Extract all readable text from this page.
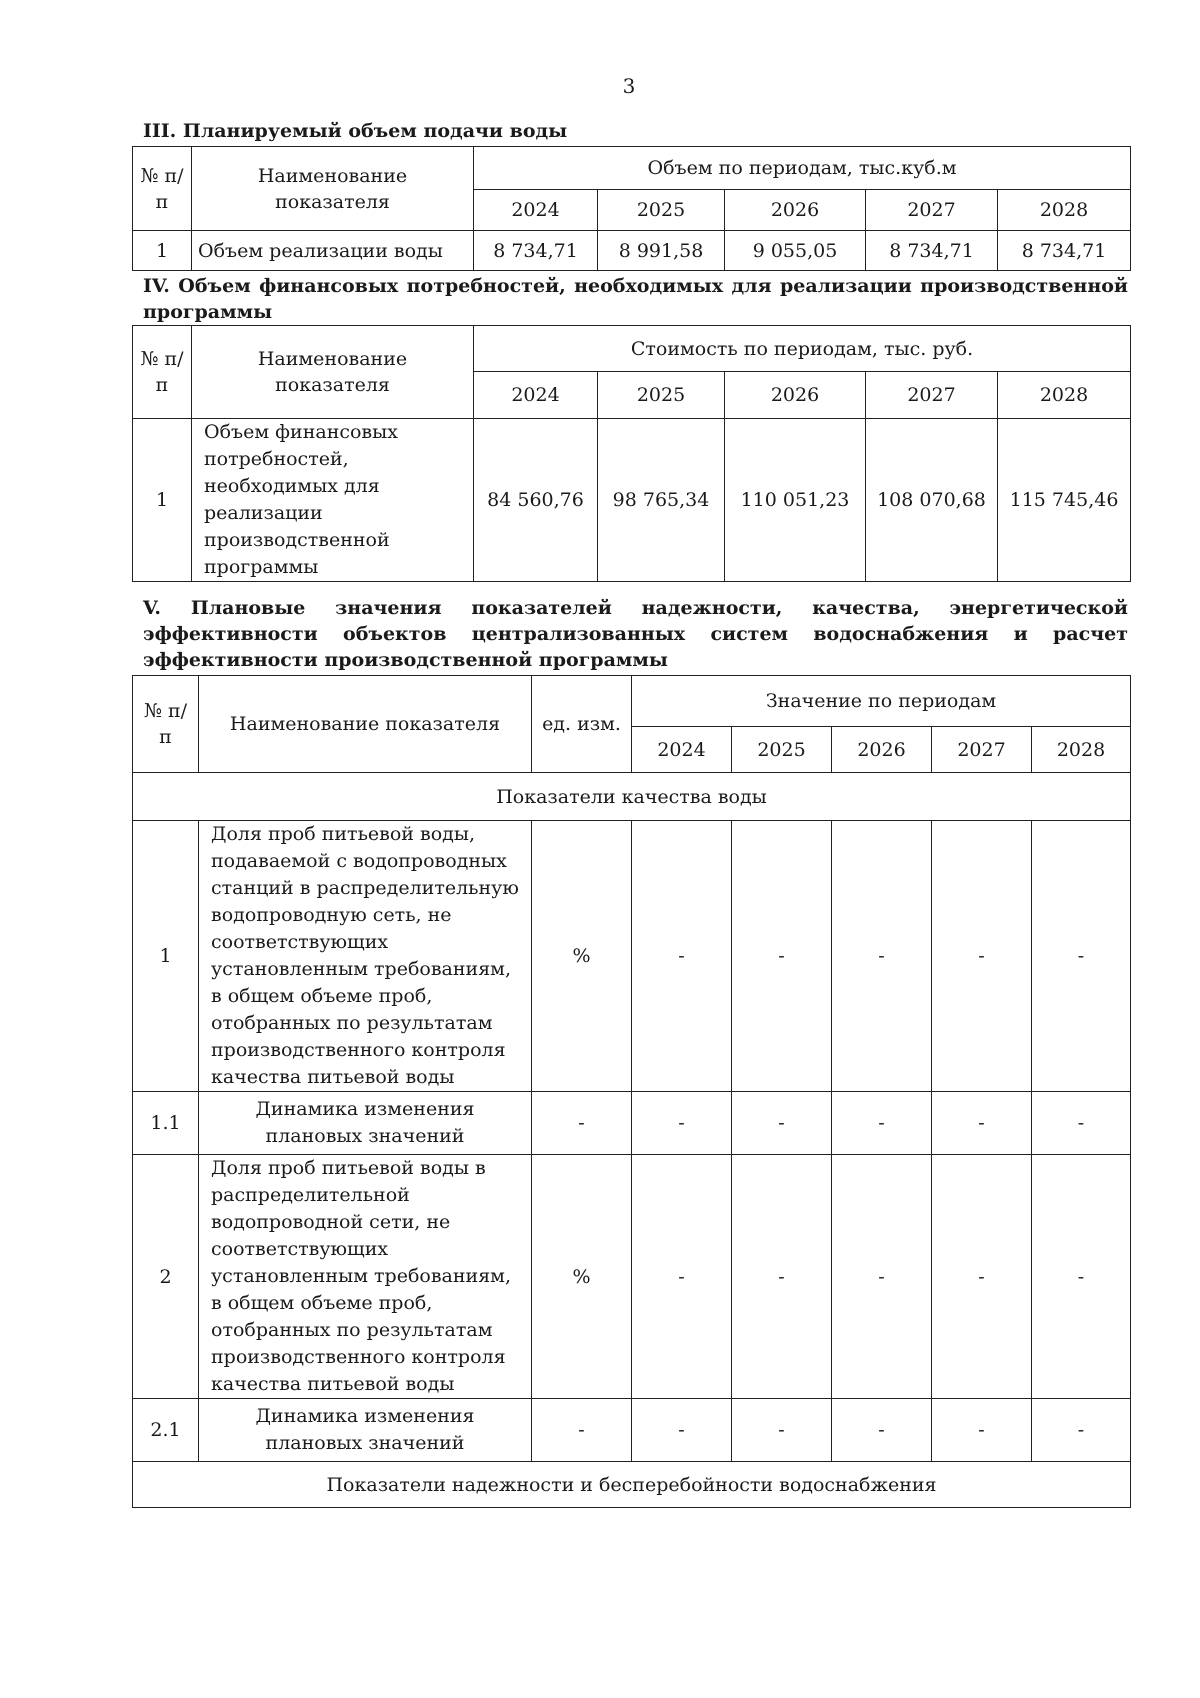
3
III. Планируемый объем подачи воды
№ п/п	Наименование показателя	Объем по периодам, тыс.куб.м				
		2024	2025	2026	2027	2028
1	Объем реализации воды	8 734,71	8 991,58	9 055,05	8 734,71	8 734,71
IV. Объем финансовых потребностей, необходимых для реализации производственной программы
№ п/п	Наименование показателя	Стоимость по периодам, тыс. руб.				
		2024	2025	2026	2027	2028
1	Объем финансовых потребностей, необходимых для реализации производственной программы	84 560,76	98 765,34	110 051,23	108 070,68	115 745,46
V. Плановые значения показателей надежности, качества, энергетической эффективности объектов централизованных систем водоснабжения и расчет эффективности производственной программы
№ п/п	Наименование показателя	ед. изм.	Значение по периодам				
			2024	2025	2026	2027	2028
Показатели качества воды							
1	Доля проб питьевой воды, подаваемой с водопроводных станций в распределительную водопроводную сеть, не соответствующих установленным требованиям, в общем объеме проб, отобранных по результатам производственного контроля качества питьевой воды	%	-	-	-	-	-
1.1	Динамика изменения плановых значений	-	-	-	-	-	-
2	Доля проб питьевой воды в распределительной водопроводной сети, не соответствующих установленным требованиям, в общем объеме проб, отобранных по результатам производственного контроля качества питьевой воды	%	-	-	-	-	-
2.1	Динамика изменения плановых значений	-	-	-	-	-	-
Показатели надежности и бесперебойности водоснабжения							
